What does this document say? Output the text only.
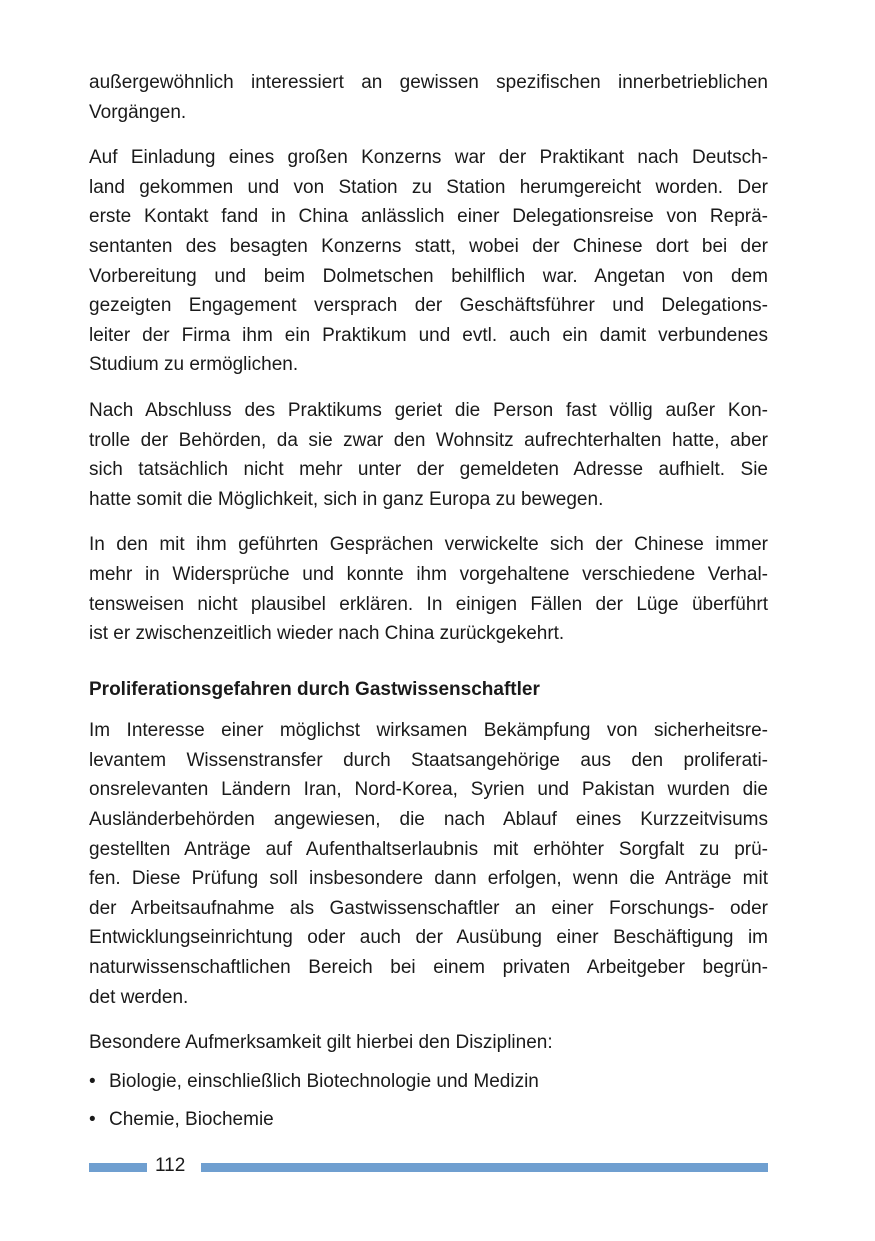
außergewöhnlich interessiert an gewissen spezifischen innerbetrieblichen
Vorgängen.

Auf Einladung eines großen Konzerns war der Praktikant nach Deutsch-
land gekommen und von Station zu Station herumgereicht worden. Der
erste Kontakt fand in China anlässlich einer Delegationsreise von Reprä-
sentanten des besagten Konzerns statt, wobei der Chinese dort bei der
Vorbereitung und beim Dolmetschen behilflich war. Angetan von dem
gezeigten Engagement versprach der Geschäftsführer und Delegations-
leiter der Firma ihm ein Praktikum und evtl. auch ein damit verbundenes
Studium zu ermöglichen.

Nach Abschluss des Praktikums geriet die Person fast völlig außer Kon-
trolle der Behörden, da sie zwar den Wohnsitz aufrechterhalten hatte, aber
sich tatsächlich nicht mehr unter der gemeldeten Adresse aufhielt. Sie
hatte somit die Möglichkeit, sich in ganz Europa zu bewegen.

In den mit ihm geführten Gesprächen verwickelte sich der Chinese immer
mehr in Widersprüche und konnte ihm vorgehaltene verschiedene Verhal-
tensweisen nicht plausibel erklären. In einigen Fällen der Lüge überführt
ist er zwischenzeitlich wieder nach China zurückgekehrt.

Proliferationsgefahren durch Gastwissenschaftler

Im Interesse einer möglichst wirksamen Bekämpfung von sicherheitsre-
levantem Wissenstransfer durch Staatsangehörige aus den proliferati-
onsrelevanten Ländern Iran, Nord-Korea, Syrien und Pakistan wurden die
Ausländerbehörden angewiesen, die nach Ablauf eines Kurzzeitvisums
gestellten Anträge auf Aufenthaltserlaubnis mit erhöhter Sorgfalt zu prü-
fen. Diese Prüfung soll insbesondere dann erfolgen, wenn die Anträge mit
der Arbeitsaufnahme als Gastwissenschaftler an einer Forschungs- oder
Entwicklungseinrichtung oder auch der Ausübung einer Beschäftigung im
naturwissenschaftlichen Bereich bei einem privaten Arbeitgeber begrün-
det werden.

Besondere Aufmerksamkeit gilt hierbei den Disziplinen:

• Biologie, einschließlich Biotechnologie und Medizin
• Chemie, Biochemie
112
